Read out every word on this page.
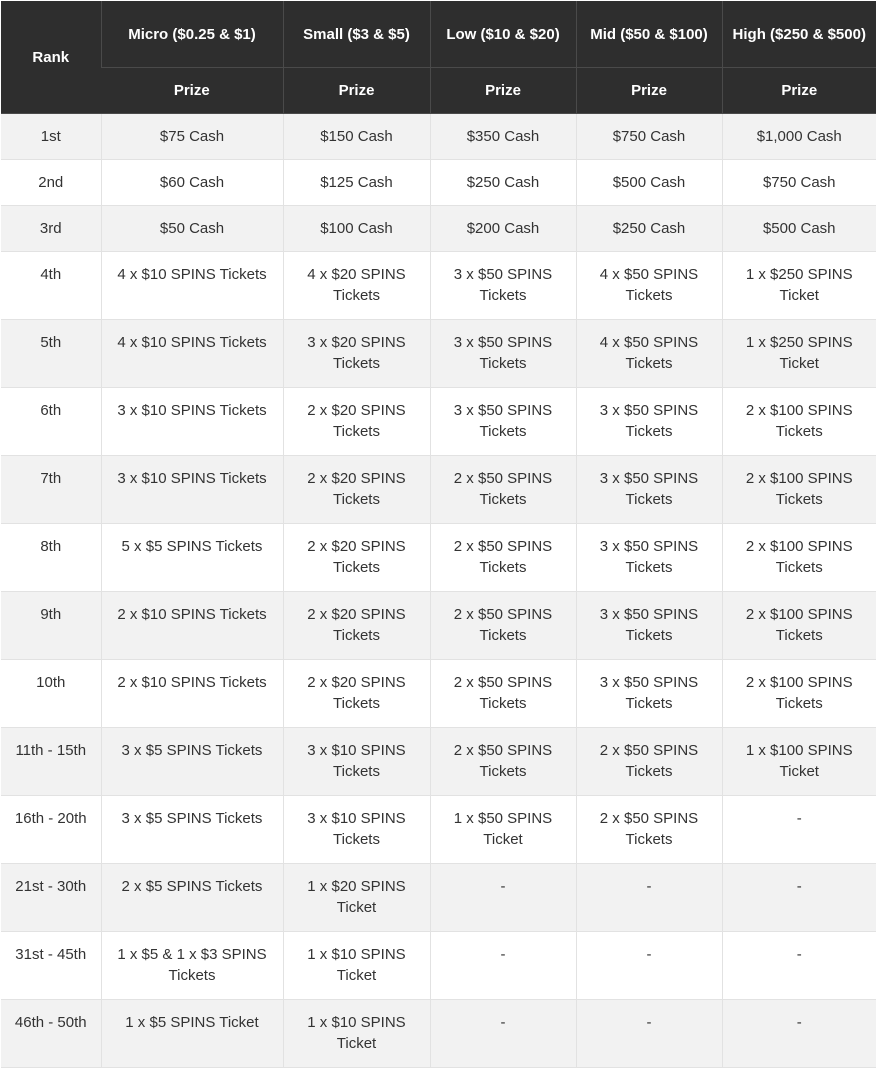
Rank	Micro ($0.25 & $1)	Small ($3 & $5)	Low ($10 & $20)	Mid ($50 & $100)	High ($250 & $500)
	Prize	Prize	Prize	Prize	Prize
1st	$75 Cash	$150 Cash	$350 Cash	$750 Cash	$1,000 Cash
2nd	$60 Cash	$125 Cash	$250 Cash	$500 Cash	$750 Cash
3rd	$50 Cash	$100 Cash	$200 Cash	$250 Cash	$500 Cash
4th	4 x $10 SPINS Tickets	4 x $20 SPINS Tickets	3 x $50 SPINS Tickets	4 x $50 SPINS Tickets	1 x $250 SPINS Ticket
5th	4 x $10 SPINS Tickets	3 x $20 SPINS Tickets	3 x $50 SPINS Tickets	4 x $50 SPINS Tickets	1 x $250 SPINS Ticket
6th	3 x $10 SPINS Tickets	2 x $20 SPINS Tickets	3 x $50 SPINS Tickets	3 x $50 SPINS Tickets	2 x $100 SPINS Tickets
7th	3 x $10 SPINS Tickets	2 x $20 SPINS Tickets	2 x $50 SPINS Tickets	3 x $50 SPINS Tickets	2 x $100 SPINS Tickets
8th	5 x $5 SPINS Tickets	2 x $20 SPINS Tickets	2 x $50 SPINS Tickets	3 x $50 SPINS Tickets	2 x $100 SPINS Tickets
9th	2 x $10 SPINS Tickets	2 x $20 SPINS Tickets	2 x $50 SPINS Tickets	3 x $50 SPINS Tickets	2 x $100 SPINS Tickets
10th	2 x $10 SPINS Tickets	2 x $20 SPINS Tickets	2 x $50 SPINS Tickets	3 x $50 SPINS Tickets	2 x $100 SPINS Tickets
11th - 15th	3 x $5 SPINS Tickets	3 x $10 SPINS Tickets	2 x $50 SPINS Tickets	2 x $50 SPINS Tickets	1 x $100 SPINS Ticket
16th - 20th	3 x $5 SPINS Tickets	3 x $10 SPINS Tickets	1 x $50 SPINS Ticket	2 x $50 SPINS Tickets	-
21st - 30th	2 x $5 SPINS Tickets	1 x $20 SPINS Ticket	-	-	-
31st - 45th	1 x $5 & 1 x $3 SPINS Tickets	1 x $10 SPINS Ticket	-	-	-
46th - 50th	1 x $5 SPINS Ticket	1 x $10 SPINS Ticket	-	-	-
